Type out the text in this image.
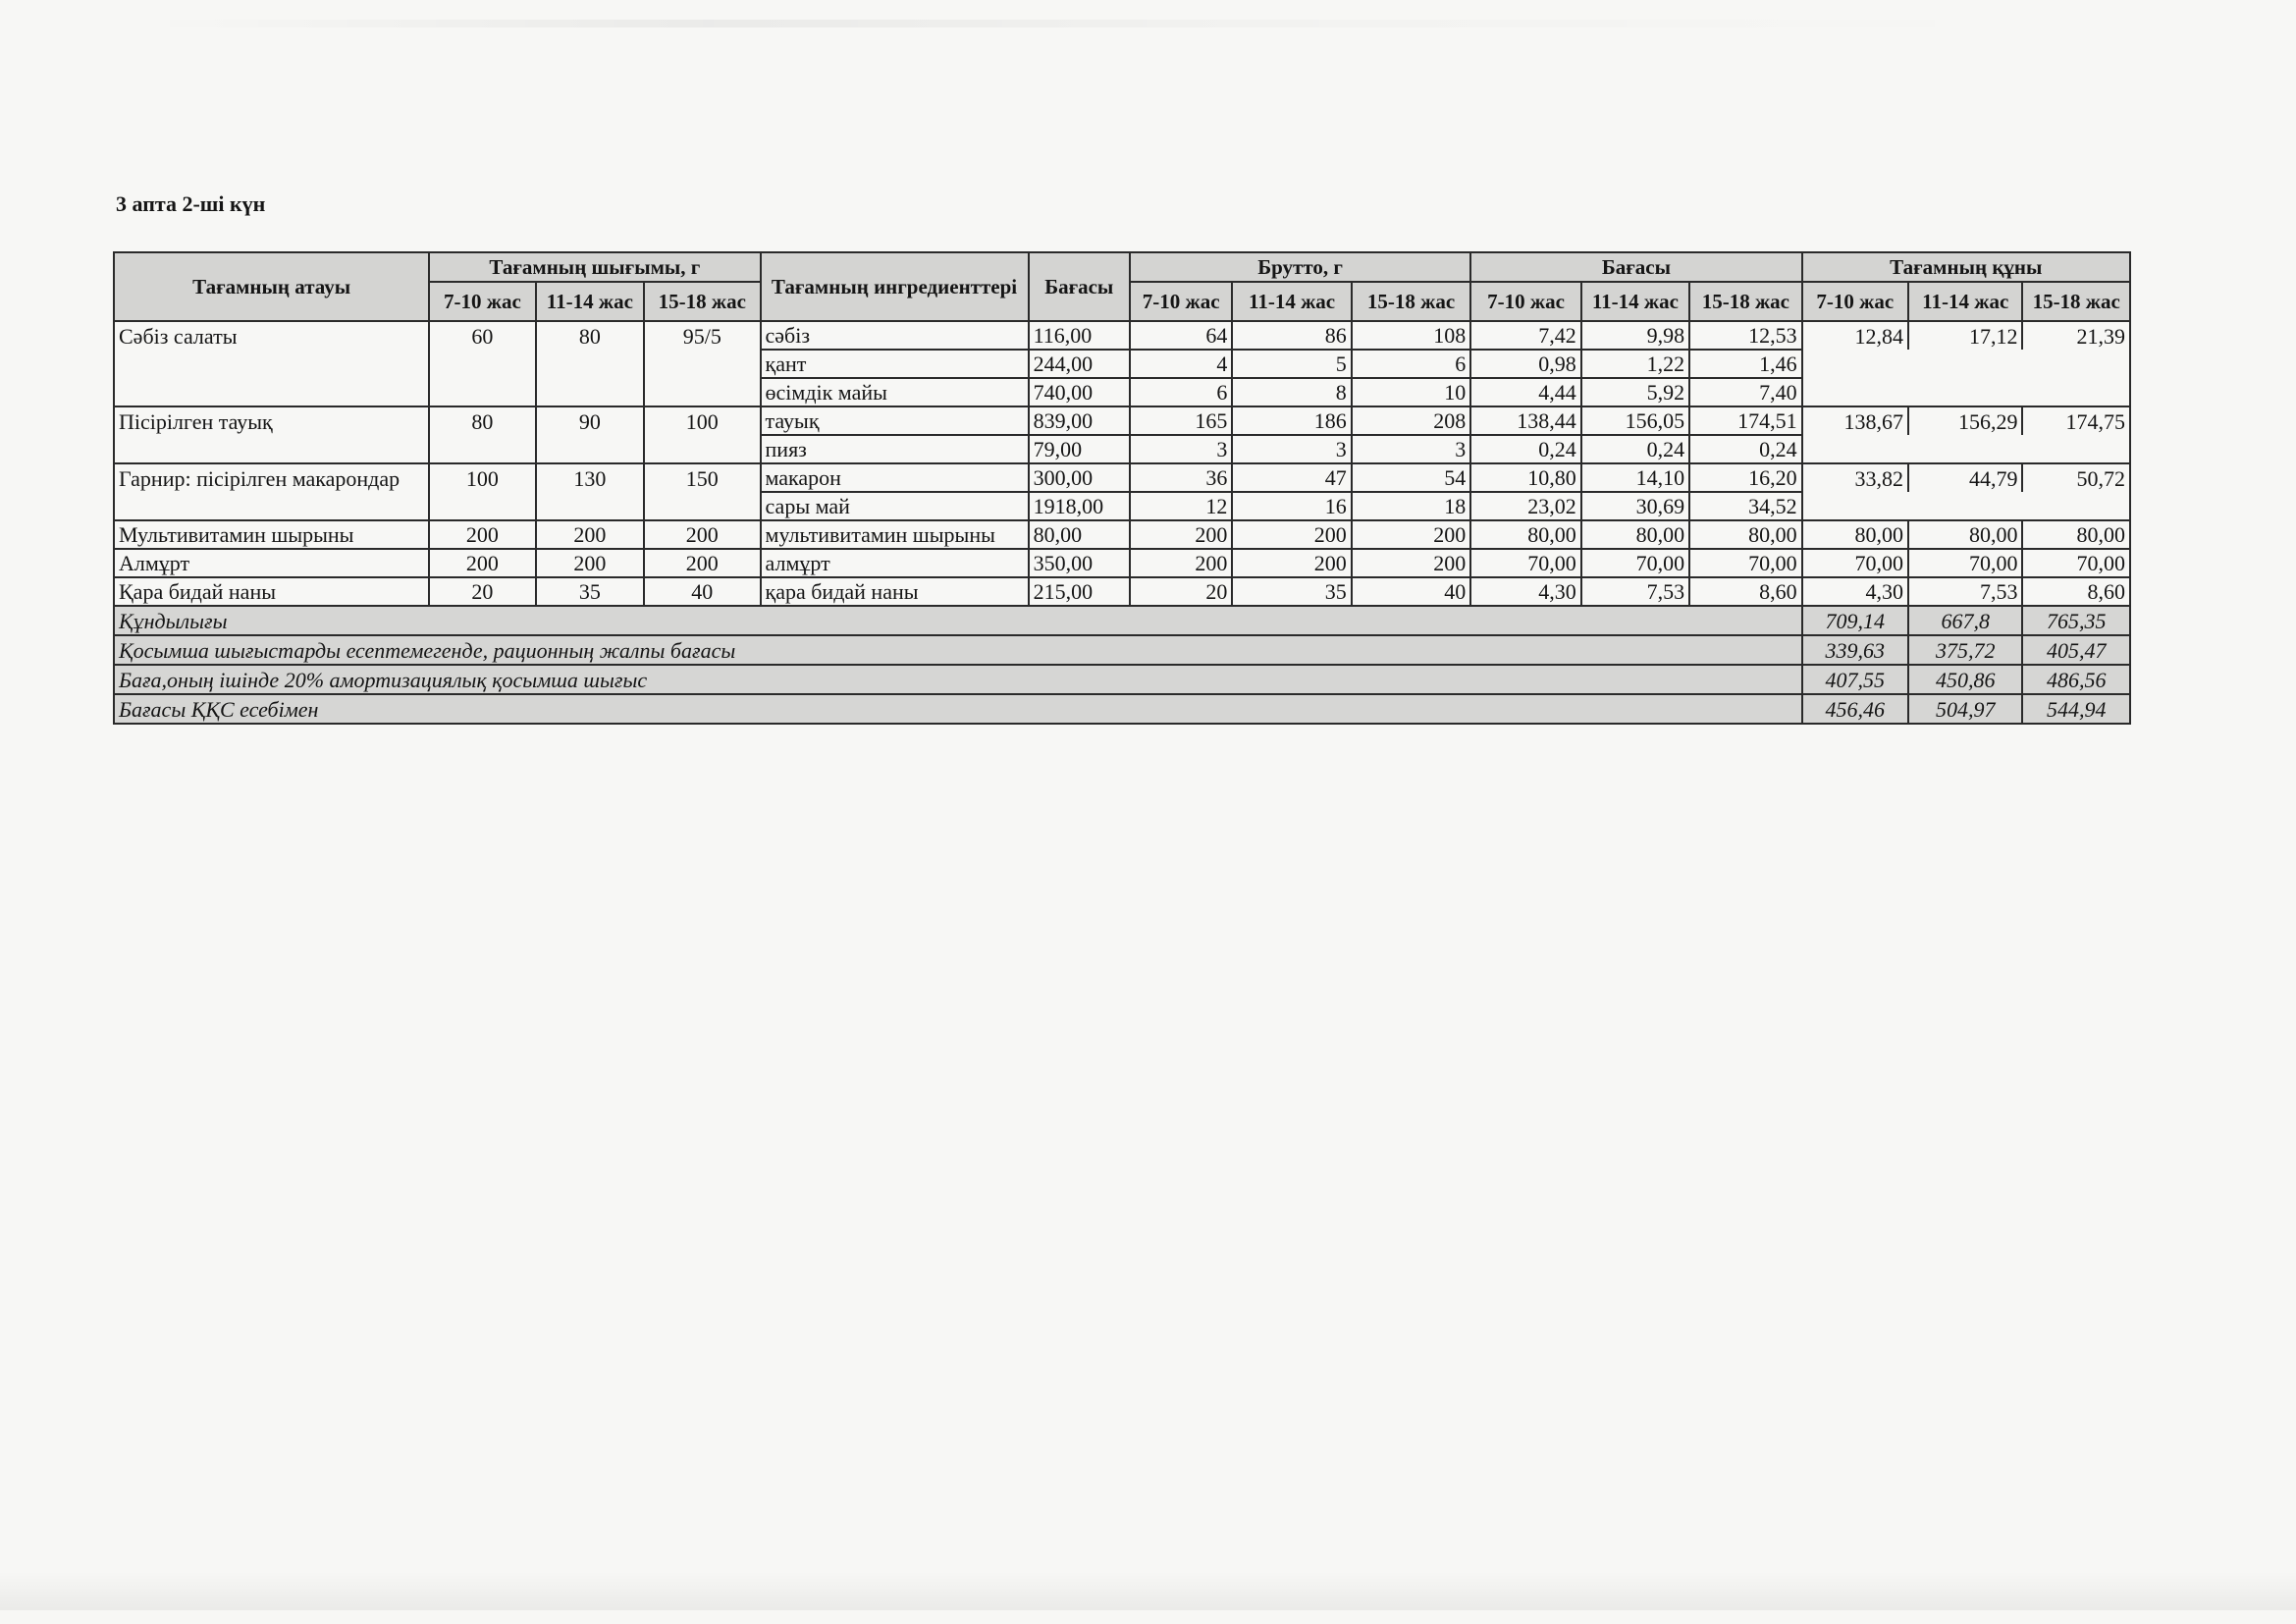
3 апта 2-ші күн
Тағамның атауы	Тағамның шығымы, г			Тағамның ингредиенттері	Бағасы	Брутто, г			Бағасы			Тағамның құны		
	7-10 жас	11-14 жас	15-18 жас			7-10 жас	11-14 жас	15-18 жас	7-10 жас	11-14 жас	15-18 жас	7-10 жас	11-14 жас	15-18 жас
Сәбіз салаты	60	80	95/5	сәбіз	116,00	64	86	108	7,42	9,98	12,53	12,84	17,12	21,39
				қант	244,00	4	5	6	0,98	1,22	1,46			
				өсімдік майы	740,00	6	8	10	4,44	5,92	7,40			
Пісірілген тауық	80	90	100	тауық	839,00	165	186	208	138,44	156,05	174,51	138,67	156,29	174,75
				пияз	79,00	3	3	3	0,24	0,24	0,24			
Гарнир: пісірілген макарондар	100	130	150	макарон	300,00	36	47	54	10,80	14,10	16,20	33,82	44,79	50,72
				сары май	1918,00	12	16	18	23,02	30,69	34,52			
Мультивитамин шырыны	200	200	200	мультивитамин шырыны	80,00	200	200	200	80,00	80,00	80,00	80,00	80,00	80,00
Алмұрт	200	200	200	алмұрт	350,00	200	200	200	70,00	70,00	70,00	70,00	70,00	70,00
Қара бидай наны	20	35	40	қара бидай наны	215,00	20	35	40	4,30	7,53	8,60	4,30	7,53	8,60
Құндылығы												709,14	667,8	765,35
Қосымша шығыстарды есептемегенде, рационның жалпы бағасы												339,63	375,72	405,47
Баға,оның ішінде 20% амортизациялық қосымша шығыс												407,55	450,86	486,56
Бағасы ҚҚС есебімен												456,46	504,97	544,94
